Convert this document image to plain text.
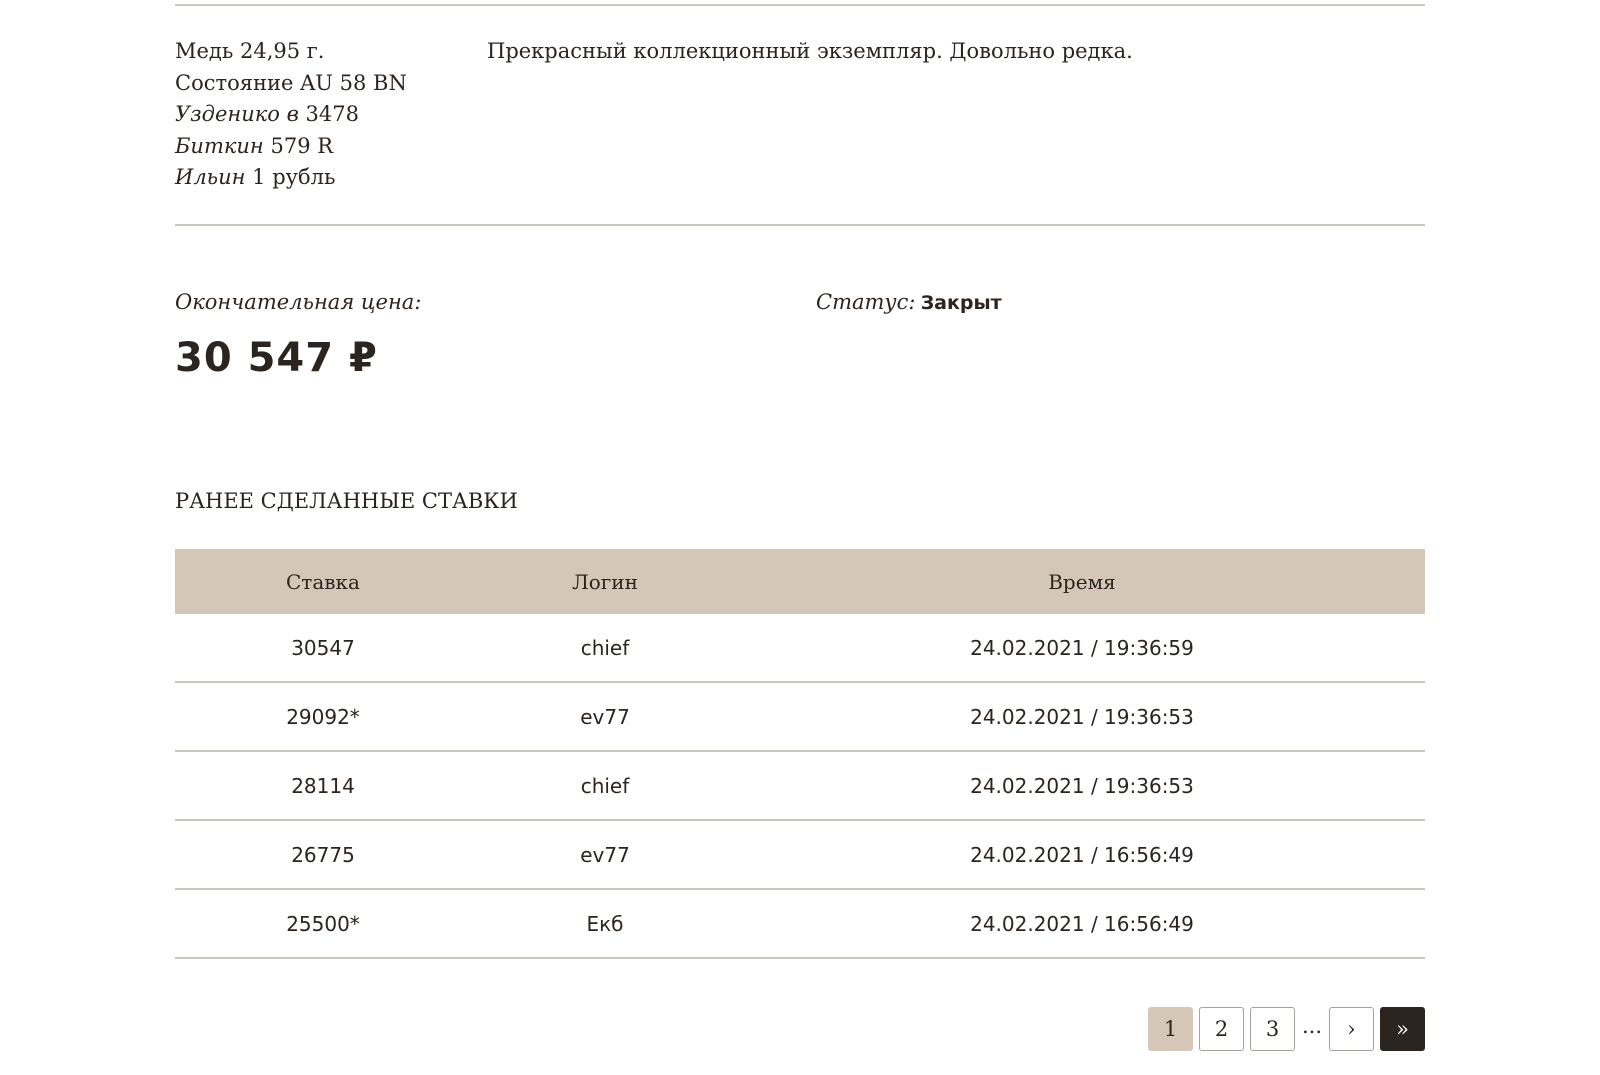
Медь 24,95 г.
Состояние AU 58 BN
Узденико в 3478
Биткин 579 R
Ильин 1 рубль
Прекрасный коллекционный экземпляр. Довольно редка.
Окончательная цена:
30 547 ₽
Статус: Закрыт
РАНЕЕ СДЕЛАННЫЕ СТАВКИ
Ставка	Логин	Время
30547	chief	24.02.2021 / 19:36:59
29092*	ev77	24.02.2021 / 19:36:53
28114	chief	24.02.2021 / 19:36:53
26775	ev77	24.02.2021 / 16:56:49
25500*	Екб	24.02.2021 / 16:56:49
1	2	3	...	›	»
